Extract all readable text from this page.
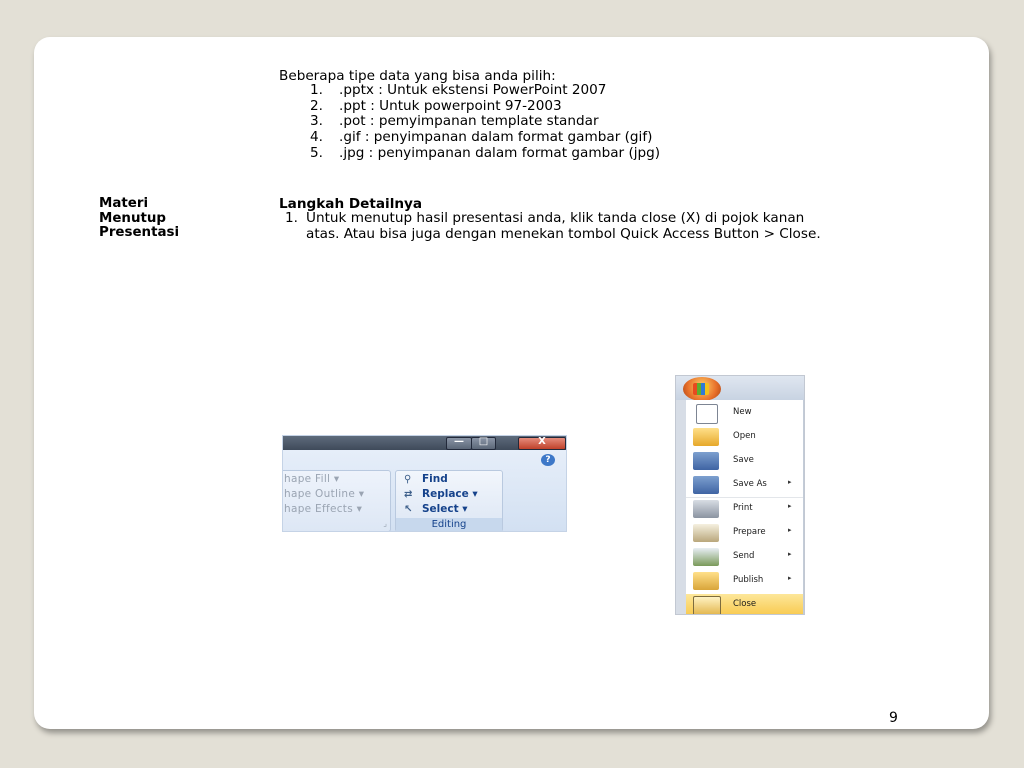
Beberapa tipe data yang bisa anda pilih:
1.	.pptx : Untuk ekstensi PowerPoint 2007
2.	.ppt : Untuk powerpoint 97-2003
3.	.pot : pemyimpanan template standar
4.	.gif : penyimpanan dalam format gambar (gif)
5.	.jpg : penyimpanan dalam format gambar (jpg)
Materi
Menutup
Presentasi
Langkah Detailnya
1. Untuk menutup hasil presentasi anda, klik tanda close (X) di pojok kanan atas. Atau bisa juga dengan menekan tombol Quick Access Button > Close.
—	□	X
?
hape Fill ▾
hape Outline ▾
hape Effects ▾
⌟
⚲ Find
⇄ Replace ▾
↖ Select ▾
Editing
New
Open
Save
Save As	▸
Print	▸
Prepare	▸
Send	▸
Publish	▸
Close
9
